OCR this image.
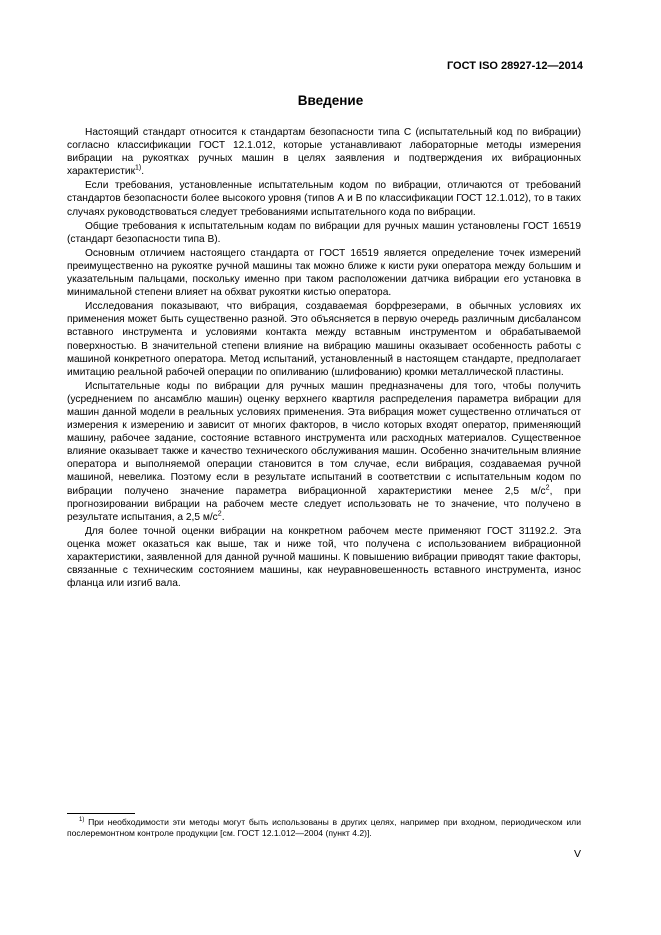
ГОСТ ISO 28927-12—2014
Введение

Настоящий стандарт относится к стандартам безопасности типа С (испытательный код по вибрации) согласно классификации ГОСТ 12.1.012, которые устанавливают лабораторные методы измерения вибрации на рукоятках ручных машин в целях заявления и подтверждения их вибрационных характеристик$^{1)}$.

Если требования, установленные испытательным кодом по вибрации, отличаются от требований стандартов безопасности более высокого уровня (типов А и В по классификации ГОСТ 12.1.012), то в таких случаях руководствоваться следует требованиями испытательного кода по вибрации.

Общие требования к испытательным кодам по вибрации для ручных машин установлены ГОСТ 16519 (стандарт безопасности типа В).

Основным отличием настоящего стандарта от ГОСТ 16519 является определение точек измерений преимущественно на рукоятке ручной машины так можно ближе к кисти руки оператора между большим и указательным пальцами, поскольку именно при таком расположении датчика вибрации его установка в минимальной степени влияет на обхват рукоятки кистью оператора.

Исследования показывают, что вибрация, создаваемая борфрезерами, в обычных условиях их применения может быть существенно разной. Это объясняется в первую очередь различным дисбалансом вставного инструмента и условиями контакта между вставным инструментом и обрабатываемой поверхностью. В значительной степени влияние на вибрацию машины оказывает особенность работы с машиной конкретного оператора. Метод испытаний, установленный в настоящем стандарте, предполагает имитацию реальной рабочей операции по опиливанию (шлифованию) кромки металлической пластины.

Испытательные коды по вибрации для ручных машин предназначены для того, чтобы получить (усреднением по ансамблю машин) оценку верхнего квартиля распределения параметра вибрации для машин данной модели в реальных условиях применения. Эта вибрация может существенно отличаться от измерения к измерению и зависит от многих факторов, в число которых входят оператор, применяющий машину, рабочее задание, состояние вставного инструмента или расходных материалов. Существенное влияние оказывает также и качество технического обслуживания машин. Особенно значительным влияние оператора и выполняемой операции становится в том случае, если вибрация, создаваемая ручной машиной, невелика. Поэтому если в результате испытаний в соответствии с испытательным кодом по вибрации получено значение параметра вибрационной характеристики менее 2,5 $м/с^2$, при прогнозировании вибрации на рабочем месте следует использовать не то значение, что получено в результате испытания, а 2,5 $м/с^2$.

Для более точной оценки вибрации на конкретном рабочем месте применяют ГОСТ 31192.2. Эта оценка может оказаться как выше, так и ниже той, что получена с использованием вибрационной характеристики, заявленной для данной ручной машины. К повышению вибрации приводят такие факторы, связанные с техническим состоянием машины, как неуравновешенность вставного инструмента, износ фланца или изгиб вала.

$^{1)}$ При необходимости эти методы могут быть использованы в других целях, например при входном, периодическом или послеремонтном контроле продукции [см. ГОСТ 12.1.012—2004 (пункт 4.2)].
V
